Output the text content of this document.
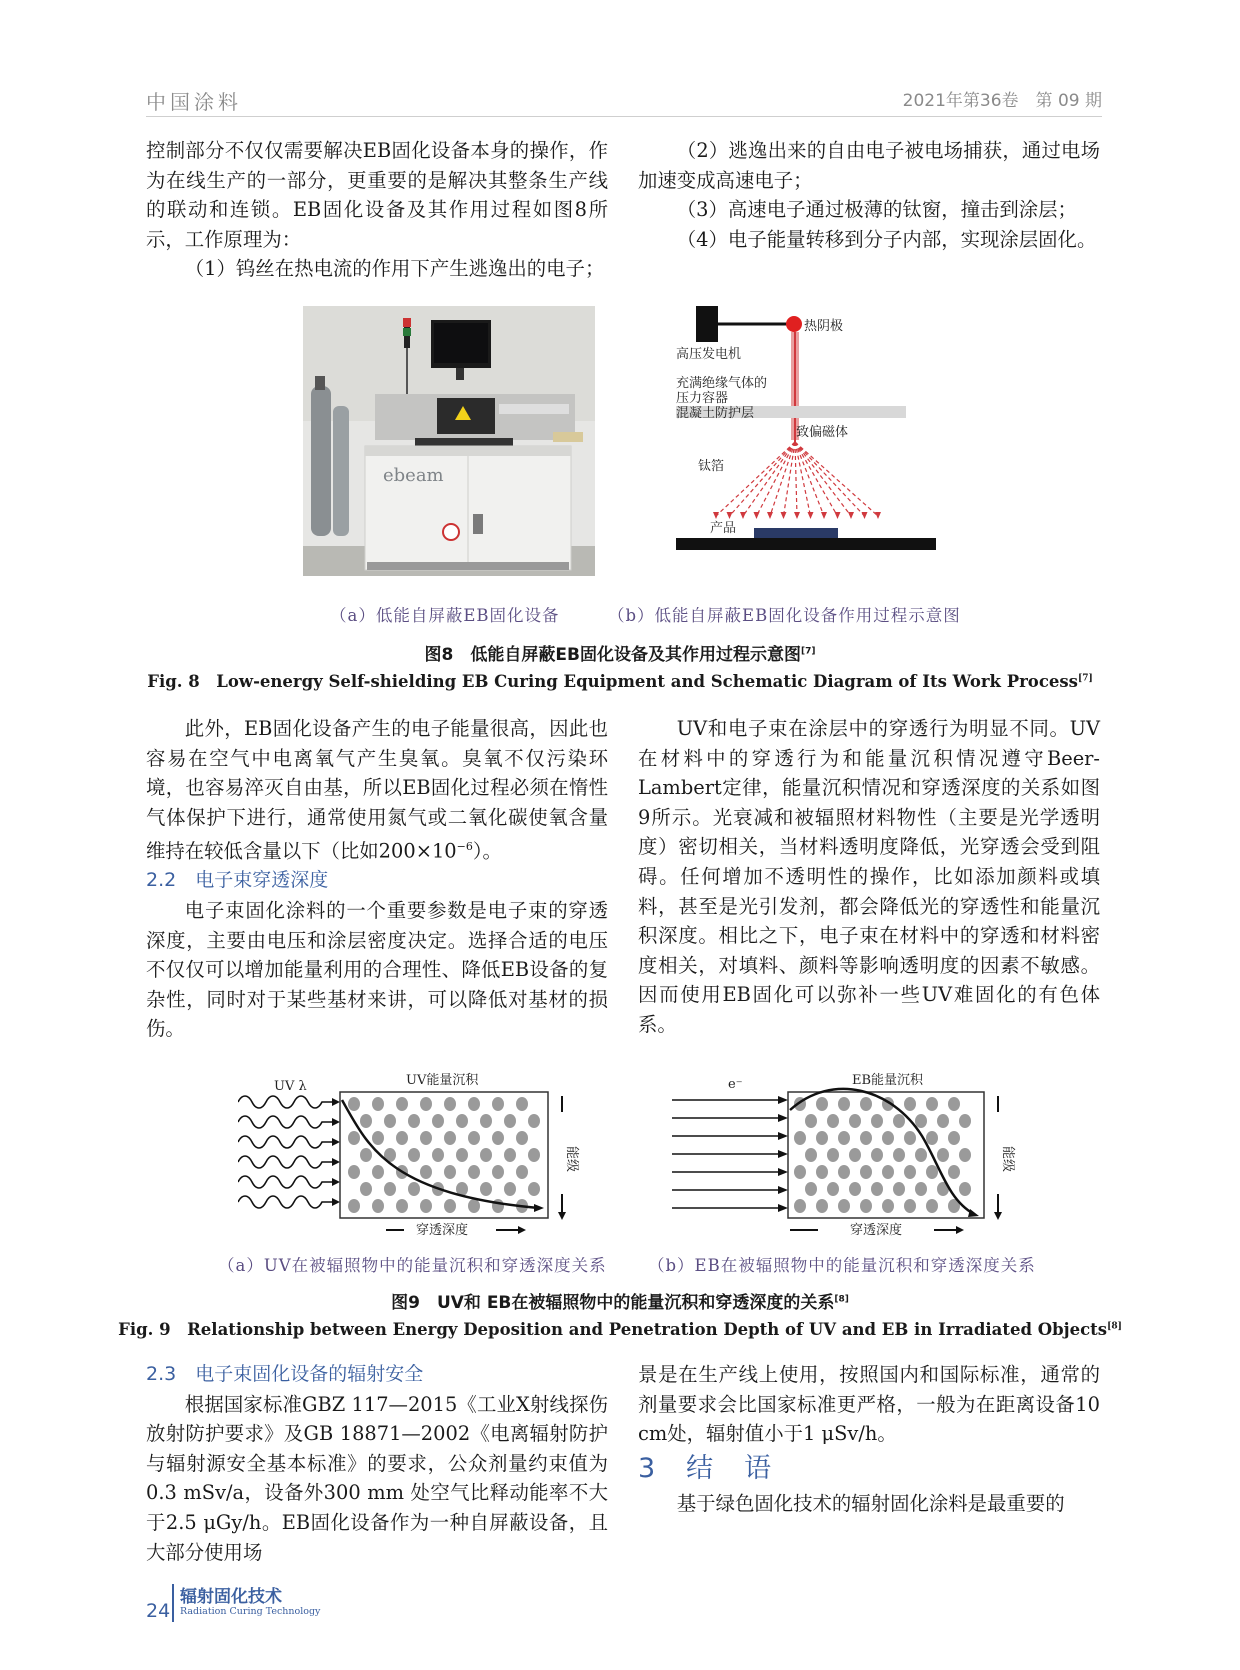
中国涂料	2021年第36卷　第 09 期

控制部分不仅仅需要解决EB固化设备本身的操作，作为在线生产的一部分，更重要的是解决其整条生产线的联动和连锁。EB固化设备及其作用过程如图8所示，工作原理为：

（1）钨丝在热电流的作用下产生逃逸出的电子；

（2）逃逸出来的自由电子被电场捕获，通过电场加速变成高速电子；

（3）高速电子通过极薄的钛窗，撞击到涂层；

（4）电子能量转移到分子内部，实现涂层固化。

ebeam
热阴极
高压发电机
充满绝缘气体的
压力容器
混凝土防护层
致偏磁体
钛箔
产品
（a）低能自屏蔽EB固化设备	（b）低能自屏蔽EB固化设备作用过程示意图
图8　低能自屏蔽EB固化设备及其作用过程示意图[7]
Fig. 8　Low-energy Self-shielding EB Curing Equipment and Schematic Diagram of Its Work Process[7]

此外，EB固化设备产生的电子能量很高，因此也容易在空气中电离氧气产生臭氧。臭氧不仅污染环境，也容易淬灭自由基，所以EB固化过程必须在惰性气体保护下进行，通常使用氮气或二氧化碳使氧含量维持在较低含量以下（比如$200\times 10^{-6}$）。

2.2　电子束穿透深度

电子束固化涂料的一个重要参数是电子束的穿透深度，主要由电压和涂层密度决定。选择合适的电压不仅仅可以增加能量利用的合理性、降低EB设备的复杂性，同时对于某些基材来讲，可以降低对基材的损伤。

UV和电子束在涂层中的穿透行为明显不同。UV在材料中的穿透行为和能量沉积情况遵守Beer-Lambert定律，能量沉积情况和穿透深度的关系如图9所示。光衰减和被辐照材料物性（主要是光学透明度）密切相关，当材料透明度降低，光穿透会受到阻碍。任何增加不透明性的操作，比如添加颜料或填料，甚至是光引发剂，都会降低光的穿透性和能量沉积深度。相比之下，电子束在材料中的穿透和材料密度相关，对填料、颜料等影响透明度的因素不敏感。因而使用EB固化可以弥补一些UV难固化的有色体系。

UV λ	UV能量沉积
能级
穿透深度
e⁻	EB能量沉积
能级
穿透深度
（a）UV在被辐照物中的能量沉积和穿透深度关系	（b）EB在被辐照物中的能量沉积和穿透深度关系
图9　UV和 EB在被辐照物中的能量沉积和穿透深度的关系[8]
Fig. 9　Relationship between Energy Deposition and Penetration Depth of UV and EB in Irradiated Objects[8]

2.3　电子束固化设备的辐射安全

根据国家标准GBZ 117—2015《工业X射线探伤放射防护要求》及GB 18871—2002《电离辐射防护与辐射源安全基本标准》的要求，公众剂量约束值为0.3 mSv/a，设备外300 mm 处空气比释动能率不大于2.5 μGy/h。EB固化设备作为一种自屏蔽设备，且大部分使用场

景是在生产线上使用，按照国内和国际标准，通常的剂量要求会比国家标准更严格，一般为在距离设备10 cm处，辐射值小于1 μSv/h。

3　结　语

基于绿色固化技术的辐射固化涂料是最重要的

24
辐射固化技术
Radiation Curing Technology
